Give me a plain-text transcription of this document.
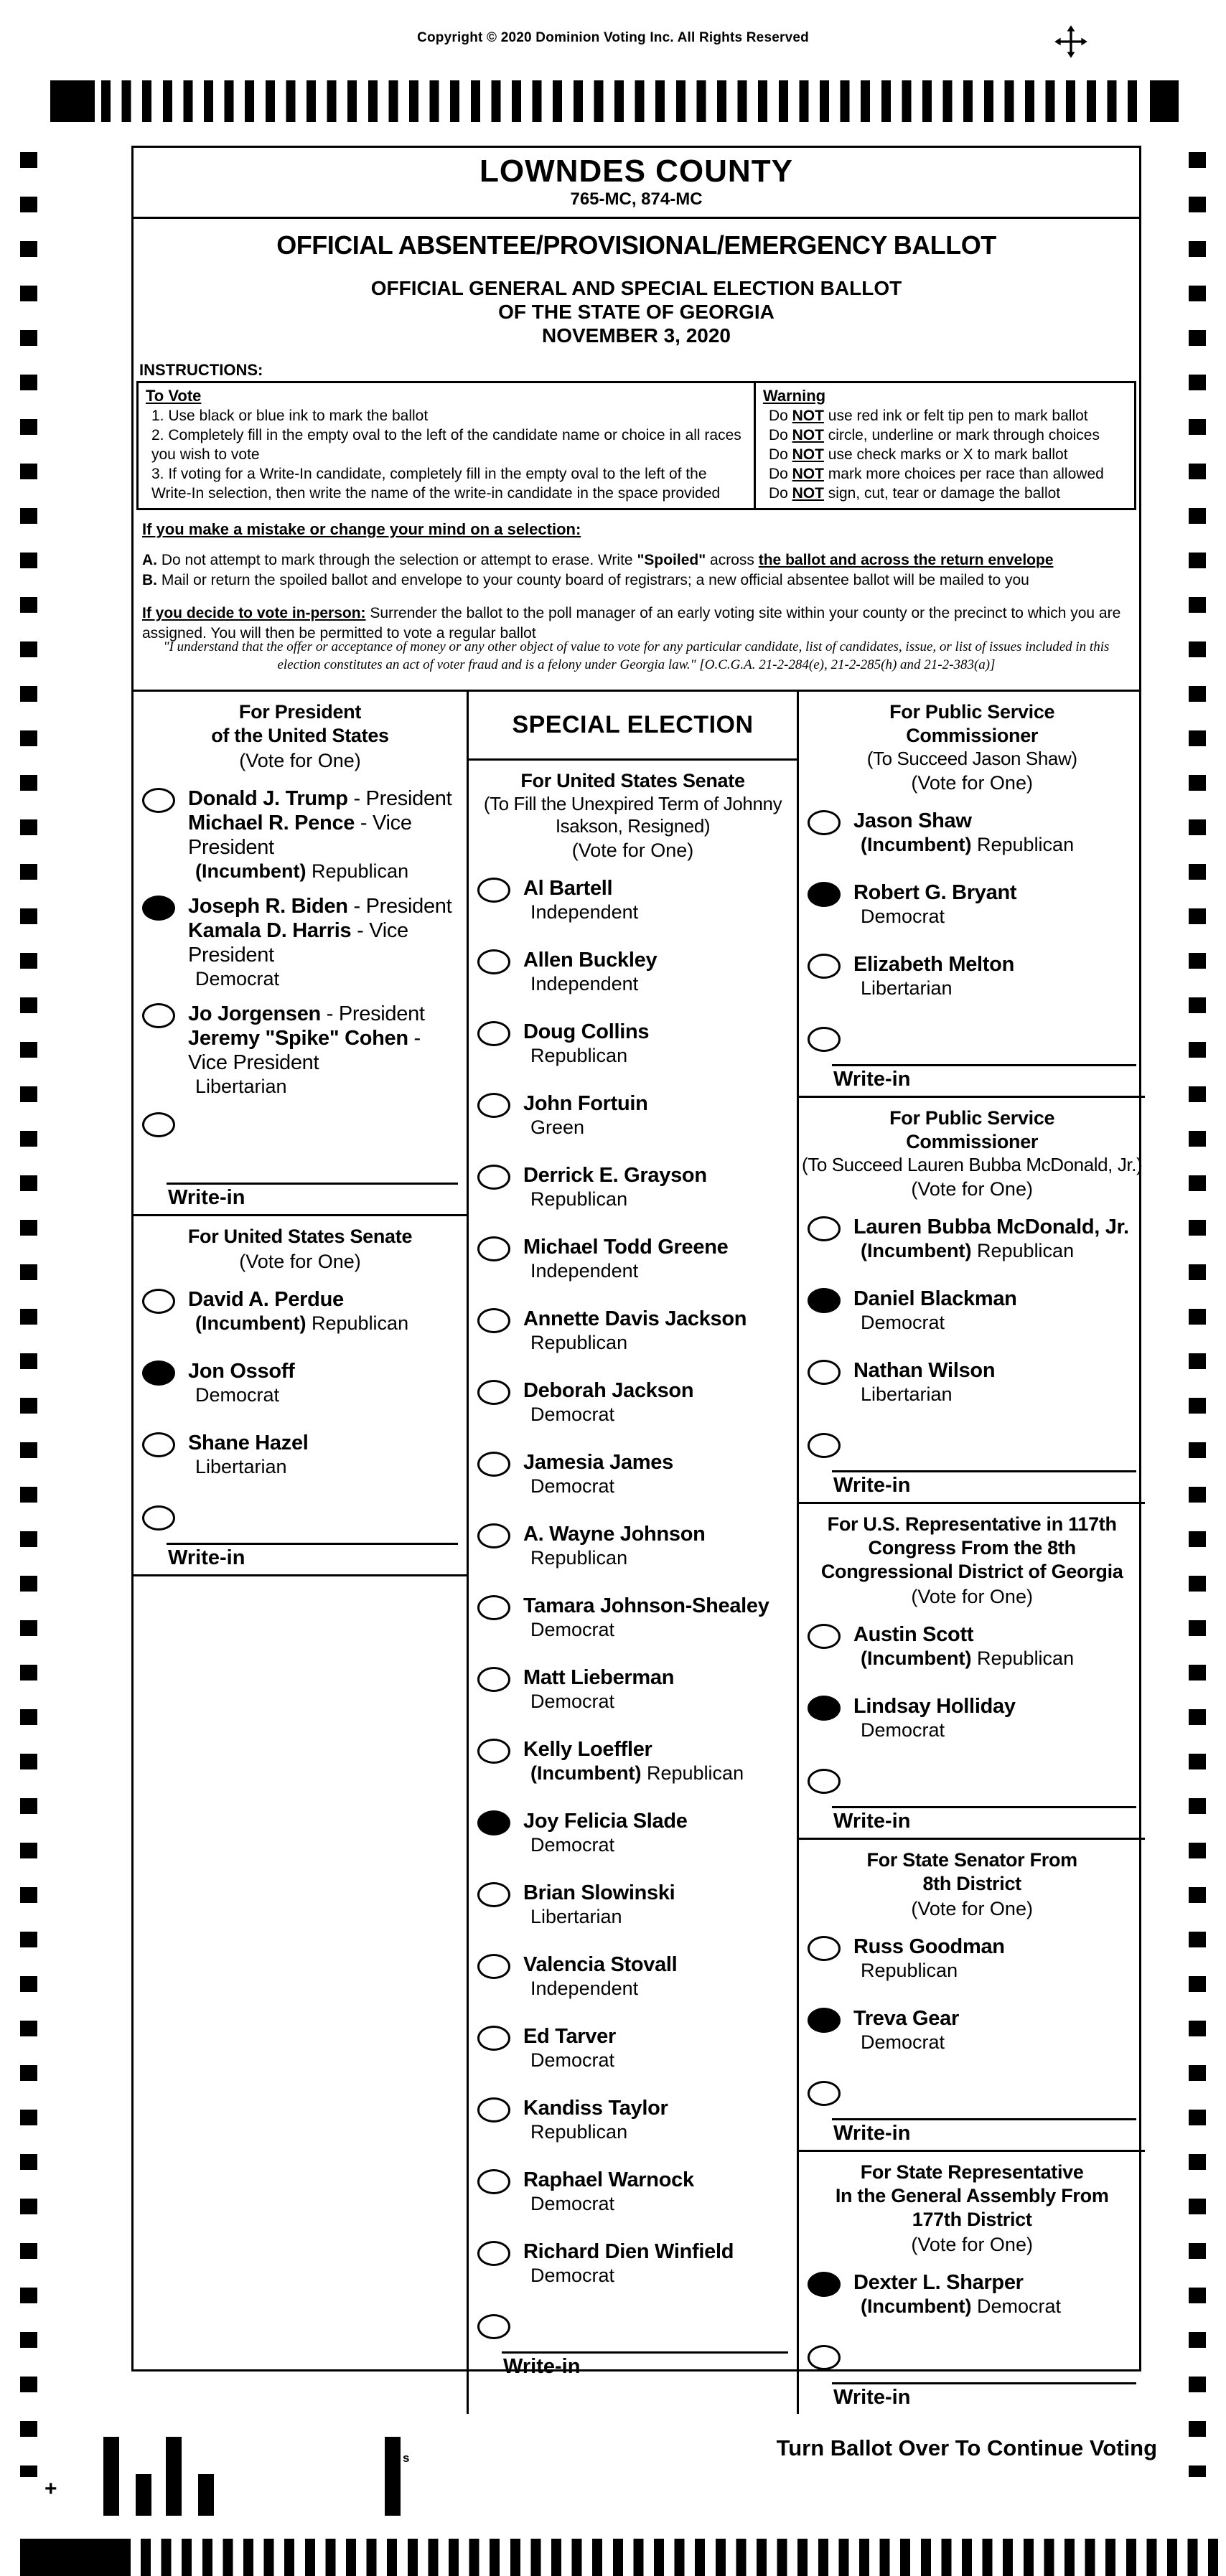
Copyright © 2020 Dominion Voting Inc. All Rights Reserved
LOWNDES COUNTY
765-MC, 874-MC
OFFICIAL ABSENTEE/PROVISIONAL/EMERGENCY BALLOT
OFFICIAL GENERAL AND SPECIAL ELECTION BALLOT
OF THE STATE OF GEORGIA
NOVEMBER 3, 2020
INSTRUCTIONS:
To Vote
1. Use black or blue ink to mark the ballot
2. Completely fill in the empty oval to the left of the candidate name or choice in all races you wish to vote
3. If voting for a Write-In candidate, completely fill in the empty oval to the left of the Write-In selection, then write the name of the write-in candidate in the space provided
Warning
Do NOT use red ink or felt tip pen to mark ballot
Do NOT circle, underline or mark through choices
Do NOT use check marks or X to mark ballot
Do NOT mark more choices per race than allowed
Do NOT sign, cut, tear or damage the ballot
If you make a mistake or change your mind on a selection:
A. Do not attempt to mark through the selection or attempt to erase. Write "Spoiled" across the ballot and across the return envelope
B. Mail or return the spoiled ballot and envelope to your county board of registrars; a new official absentee ballot will be mailed to you
If you decide to vote in-person: Surrender the ballot to the poll manager of an early voting site within your county or the precinct to which you are assigned. You will then be permitted to vote a regular ballot
"I understand that the offer or acceptance of money or any other object of value to vote for any particular candidate, list of candidates, issue, or list of issues included in this election constitutes an act of voter fraud and is a felony under Georgia law." [O.C.G.A. 21-2-284(e), 21-2-285(h) and 21-2-383(a)]
For President
of the United States
(Vote for One)
Donald J. Trump - President
Michael R. Pence - Vice President
(Incumbent) Republican
Joseph R. Biden - President
Kamala D. Harris - Vice President
Democrat
Jo Jorgensen - President
Jeremy "Spike" Cohen - Vice President
Libertarian
Write-in
For United States Senate
(Vote for One)
David A. Perdue
(Incumbent) Republican
Jon Ossoff
Democrat
Shane Hazel
Libertarian
Write-in
SPECIAL ELECTION
For United States Senate
(To Fill the Unexpired Term of Johnny
Isakson, Resigned)
(Vote for One)
Al Bartell
Independent
Allen Buckley
Independent
Doug Collins
Republican
John Fortuin
Green
Derrick E. Grayson
Republican
Michael Todd Greene
Independent
Annette Davis Jackson
Republican
Deborah Jackson
Democrat
Jamesia James
Democrat
A. Wayne Johnson
Republican
Tamara Johnson-Shealey
Democrat
Matt Lieberman
Democrat
Kelly Loeffler
(Incumbent) Republican
Joy Felicia Slade
Democrat
Brian Slowinski
Libertarian
Valencia Stovall
Independent
Ed Tarver
Democrat
Kandiss Taylor
Republican
Raphael Warnock
Democrat
Richard Dien Winfield
Democrat
Write-in
For Public Service
Commissioner
(To Succeed Jason Shaw)
(Vote for One)
Jason Shaw
(Incumbent) Republican
Robert G. Bryant
Democrat
Elizabeth Melton
Libertarian
Write-in
For Public Service
Commissioner
(To Succeed Lauren Bubba McDonald, Jr.)
(Vote for One)
Lauren Bubba McDonald, Jr.
(Incumbent) Republican
Daniel Blackman
Democrat
Nathan Wilson
Libertarian
Write-in
For U.S. Representative in 117th
Congress From the 8th
Congressional District of Georgia
(Vote for One)
Austin Scott
(Incumbent) Republican
Lindsay Holliday
Democrat
Write-in
For State Senator From
8th District
(Vote for One)
Russ Goodman
Republican
Treva Gear
Democrat
Write-in
For State Representative
In the General Assembly From
177th District
(Vote for One)
Dexter L. Sharper
(Incumbent) Democrat
Write-in
Turn Ballot Over To Continue Voting
+
s
